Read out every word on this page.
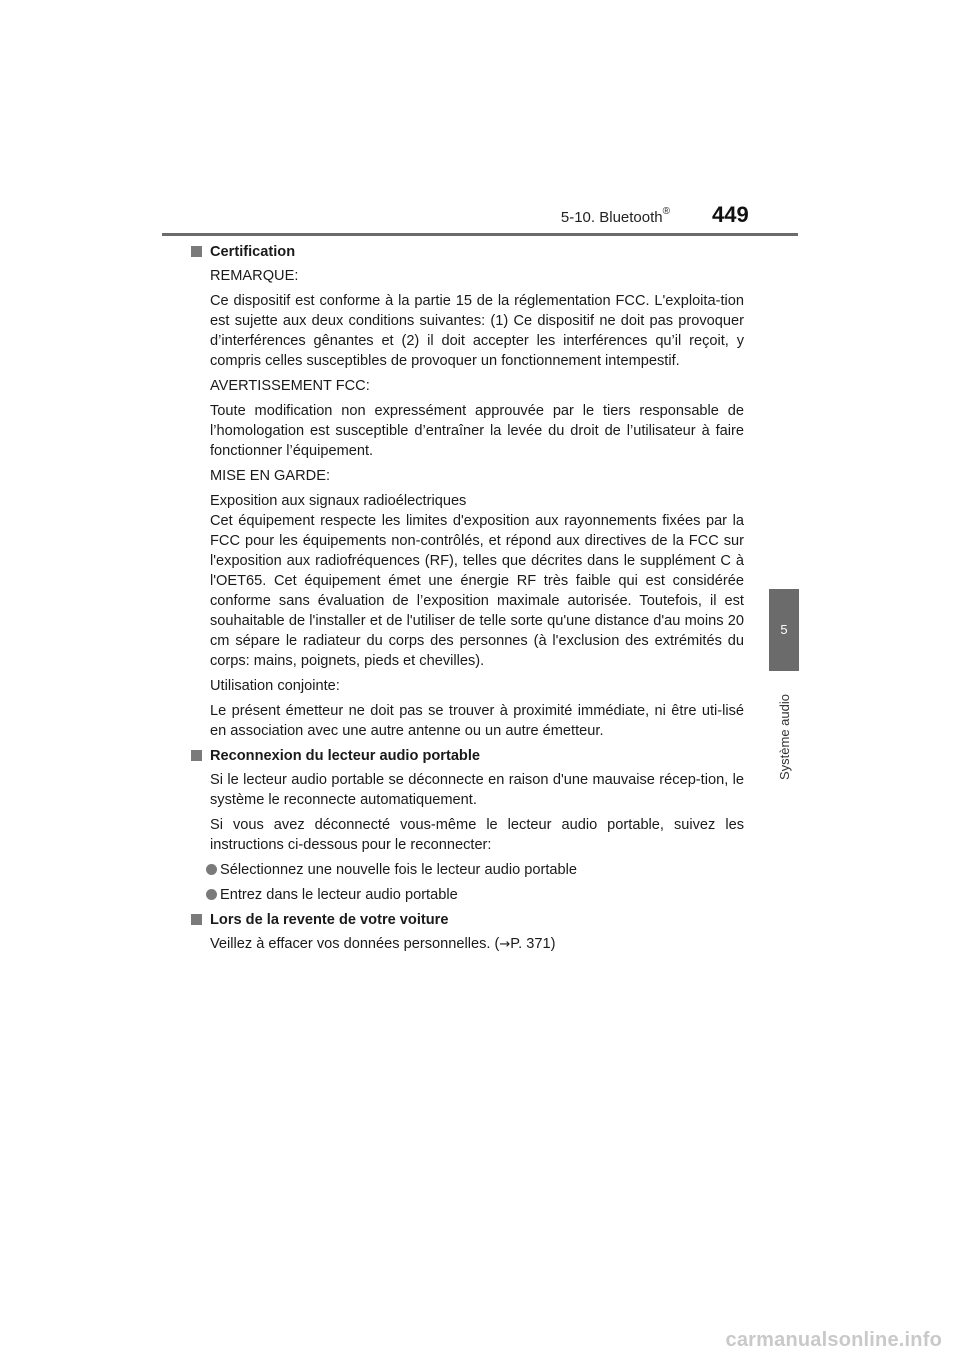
5-10. Bluetooth® 449
5
Système audio
Certification

REMARQUE:

Ce dispositif est conforme à la partie 15 de la réglementation FCC. L'exploita-tion est sujette aux deux conditions suivantes: (1) Ce dispositif ne doit pas provoquer d’interférences gênantes et (2) il doit accepter les interférences qu’il reçoit, y compris celles susceptibles de provoquer un fonctionnement intempestif.

AVERTISSEMENT FCC:

Toute modification non expressément approuvée par le tiers responsable de l’homologation est susceptible d’entraîner la levée du droit de l’utilisateur à faire fonctionner l’équipement.

MISE EN GARDE:

Exposition aux signaux radioélectriques

Cet équipement respecte les limites d'exposition aux rayonnements fixées par la FCC pour les équipements non-contrôlés, et répond aux directives de la FCC sur l'exposition aux radiofréquences (RF), telles que décrites dans le supplément C à l'OET65. Cet équipement émet une énergie RF très faible qui est considérée conforme sans évaluation de l’exposition maximale autorisée. Toutefois, il est souhaitable de l'installer et de l'utiliser de telle sorte qu'une distance d'au moins 20 cm sépare le radiateur du corps des personnes (à l'exclusion des extrémités du corps: mains, poignets, pieds et chevilles).

Utilisation conjointe:

Le présent émetteur ne doit pas se trouver à proximité immédiate, ni être uti-lisé en association avec une autre antenne ou un autre émetteur.

Reconnexion du lecteur audio portable

Si le lecteur audio portable se déconnecte en raison d'une mauvaise récep-tion, le système le reconnecte automatiquement.

Si vous avez déconnecté vous-même le lecteur audio portable, suivez les instructions ci-dessous pour le reconnecter:

Sélectionnez une nouvelle fois le lecteur audio portable
Entrez dans le lecteur audio portable
Lors de la revente de votre voiture

Veillez à effacer vos données personnelles. (→P. 371)

carmanualsonline.info
